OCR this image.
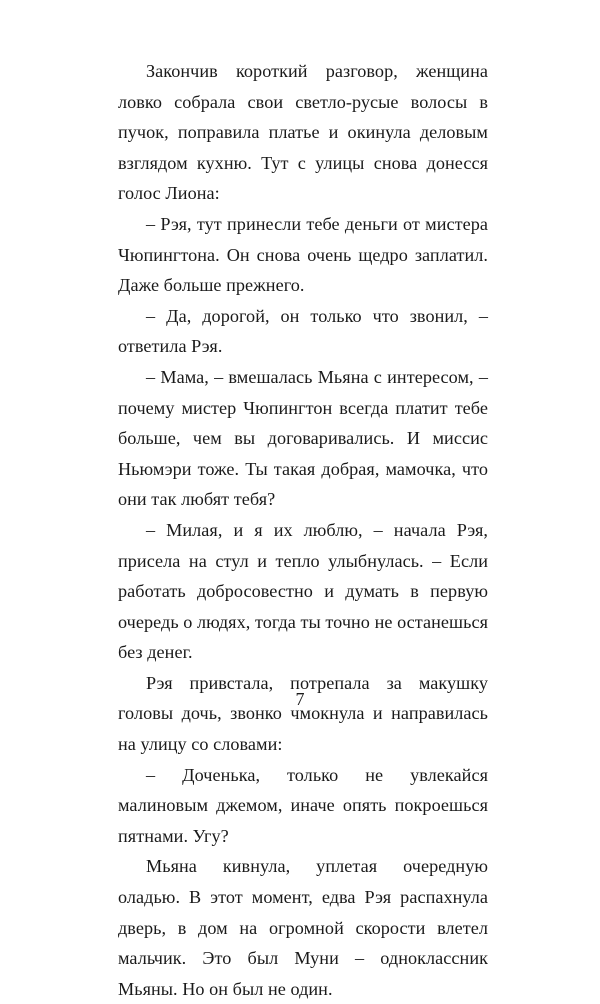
Закончив короткий разговор, женщина ловко собрала свои светло-русые волосы в пучок, поправила платье и окинула деловым взглядом кухню. Тут с улицы снова донесся голос Лиона:

– Рэя, тут принесли тебе деньги от мистера Чюпингтона. Он снова очень щедро заплатил. Даже больше прежнего.

– Да, дорогой, он только что звонил, – ответила Рэя.

– Мама, – вмешалась Мьяна с интересом, – почему мистер Чюпингтон всегда платит тебе больше, чем вы договаривались. И миссис Ньюмэри тоже. Ты такая добрая, мамочка, что они так любят тебя?

– Милая, и я их люблю, – начала Рэя, присела на стул и тепло улыбнулась. – Если работать добросовестно и думать в первую очередь о людях, тогда ты точно не останешься без денег.

Рэя привстала, потрепала за макушку головы дочь, звонко чмокнула и направилась на улицу со словами:

– Доченька, только не увлекайся малиновым джемом, иначе опять покроешься пятнами. Угу?

Мьяна кивнула, уплетая очередную оладью. В этот момент, едва Рэя распахнула дверь, в дом на огромной скорости влетел мальчик. Это был Муни – одноклассник Мьяны. Но он был не один.

7
